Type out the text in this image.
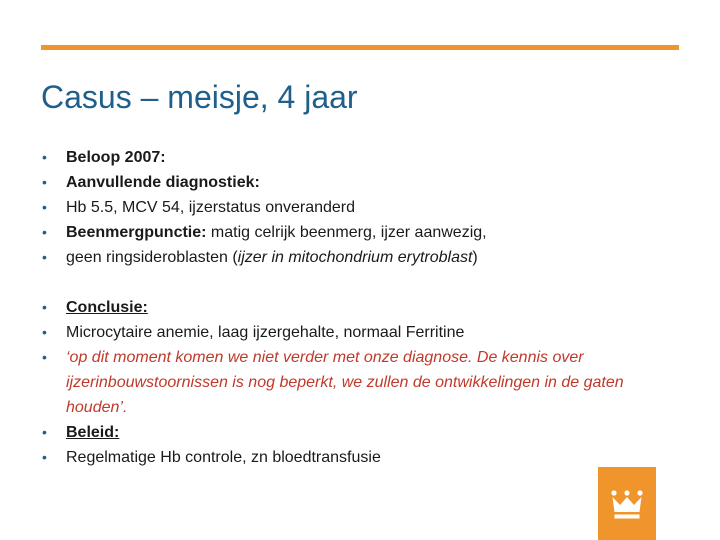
Casus – meisje, 4 jaar
• Beloop 2007:
• Aanvullende diagnostiek:
• Hb 5.5, MCV 54, ijzerstatus onveranderd
• Beenmergpunctie: matig celrijk beenmerg, ijzer aanwezig,
• geen ringsideroblasten (ijzer in mitochondrium erytroblast)
• Conclusie:
• Microcytaire anemie, laag ijzergehalte, normaal Ferritine
• ‘op dit moment komen we niet verder met onze diagnose. De kennis over ijzerinbouwstoornissen is nog beperkt, we zullen de ontwikkelingen in de gaten houden’.
• Beleid:
• Regelmatige Hb controle, zn bloedtransfusie
